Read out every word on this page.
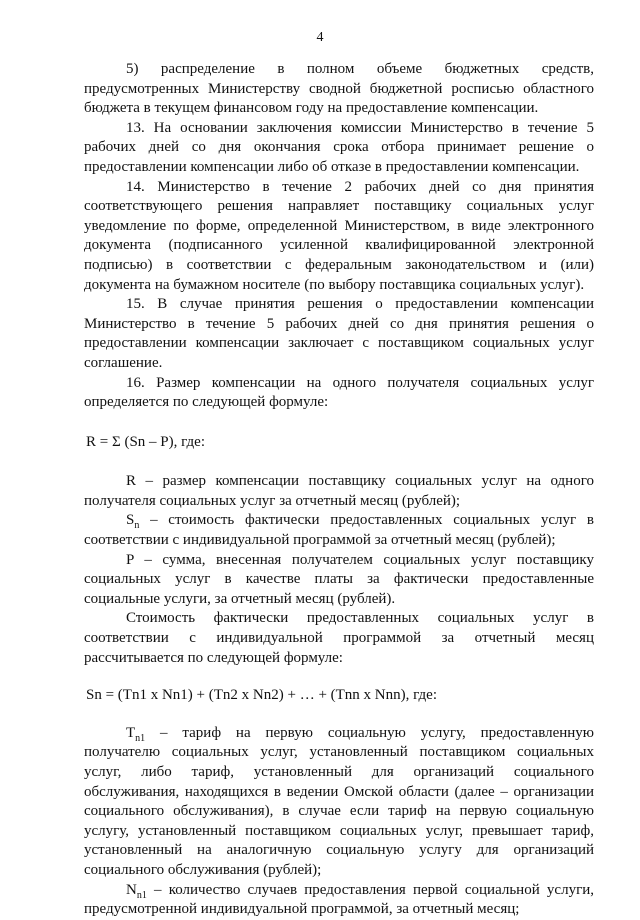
4

5) распределение в полном объеме бюджетных средств, предусмотренных Министерству сводной бюджетной росписью областного бюджета в текущем финансовом году на предоставление компенсации.

13. На основании заключения комиссии Министерство в течение 5 рабочих дней со дня окончания срока отбора принимает решение о предоставлении компенсации либо об отказе в предоставлении компенсации.

14. Министерство в течение 2 рабочих дней со дня принятия соответствующего решения направляет поставщику социальных услуг уведомление по форме, определенной Министерством, в виде электронного документа (подписанного усиленной квалифицированной электронной подписью) в соответствии с федеральным законодательством и (или) документа на бумажном носителе (по выбору поставщика социальных услуг).

15. В случае принятия решения о предоставлении компенсации Министерство в течение 5 рабочих дней со дня принятия решения о предоставлении компенсации заключает с поставщиком социальных услуг соглашение.

16. Размер компенсации на одного получателя социальных услуг определяется по следующей формуле:

R = Σ (Sn – P), где:

R – размер компенсации поставщику социальных услуг на одного получателя социальных услуг за отчетный месяц (рублей);

$S_n$ – стоимость фактически предоставленных социальных услуг в соответствии с индивидуальной программой за отчетный месяц (рублей);

P – сумма, внесенная получателем социальных услуг поставщику социальных услуг в качестве платы за фактически предоставленные социальные услуги, за отчетный месяц (рублей).

Стоимость фактически предоставленных социальных услуг в соответствии с индивидуальной программой за отчетный месяц

рассчитывается по следующей формуле:

Sn = (Tn1 x Nn1) + (Tn2 x Nn2) + … + (Tnn x Nnn), где:

$T_{n1}$ – тариф на первую социальную услугу, предоставленную получателю социальных услуг, установленный поставщиком социальных услуг, либо тариф, установленный для организаций социального обслуживания, находящихся в ведении Омской области (далее – организации социального обслуживания), в случае если тариф на первую социальную услугу, установленный поставщиком социальных услуг, превышает тариф, установленный на аналогичную социальную услугу для организаций социального обслуживания (рублей);

$N_{n1}$ – количество случаев предоставления первой социальной услуги, предусмотренной индивидуальной программой, за отчетный месяц;
